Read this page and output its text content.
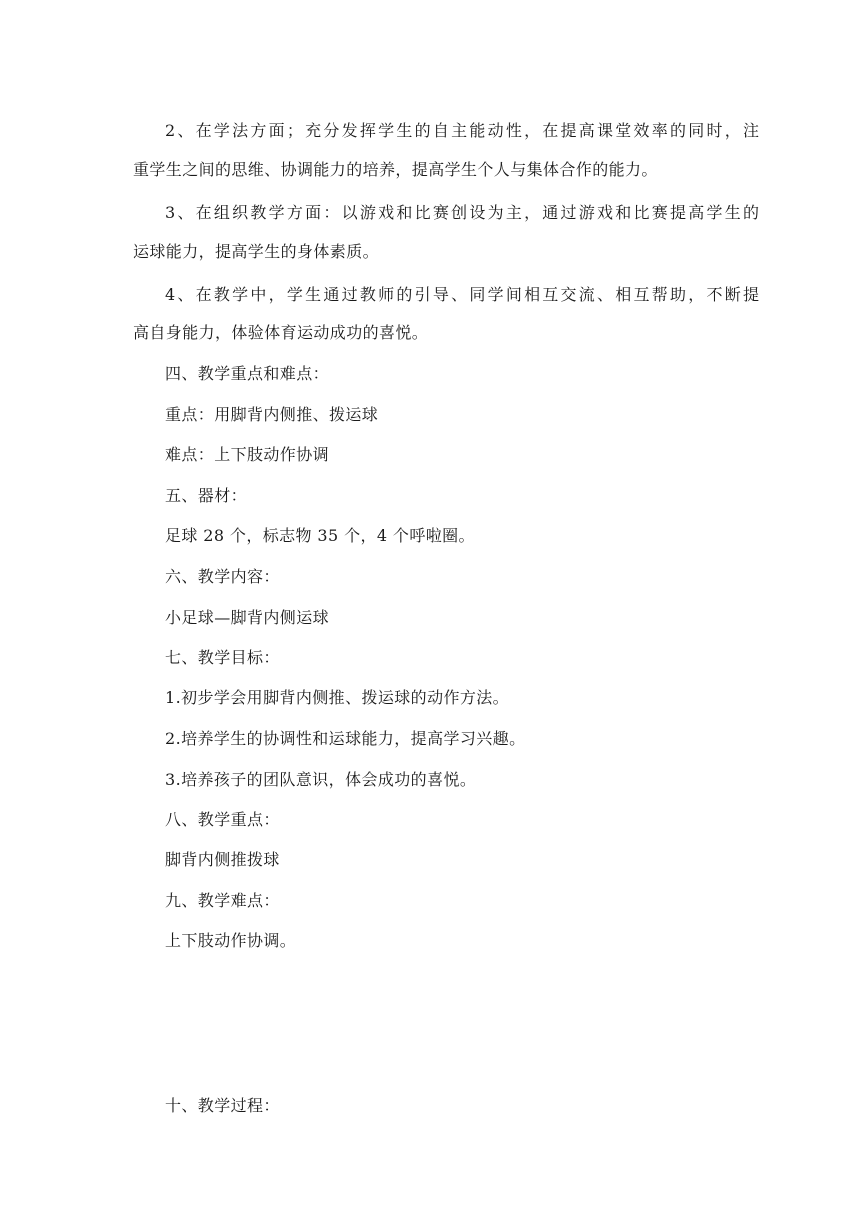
2、在学法方面；充分发挥学生的自主能动性，在提高课堂效率的同时，注
重学生之间的思维、协调能力的培养，提高学生个人与集体合作的能力。
3、在组织教学方面：以游戏和比赛创设为主，通过游戏和比赛提高学生的
运球能力，提高学生的身体素质。
4、在教学中，学生通过教师的引导、同学间相互交流、相互帮助，不断提
高自身能力，体验体育运动成功的喜悦。
四、教学重点和难点：
重点：用脚背内侧推、拨运球
难点：上下肢动作协调
五、器材：
足球 28 个，标志物 35 个，4 个呼啦圈。
六、教学内容：
小足球—脚背内侧运球
七、教学目标：
1.初步学会用脚背内侧推、拨运球的动作方法。
2.培养学生的协调性和运球能力，提高学习兴趣。
3.培养孩子的团队意识，体会成功的喜悦。
八、教学重点：
脚背内侧推拨球
九、教学难点：
上下肢动作协调。
十、教学过程：
